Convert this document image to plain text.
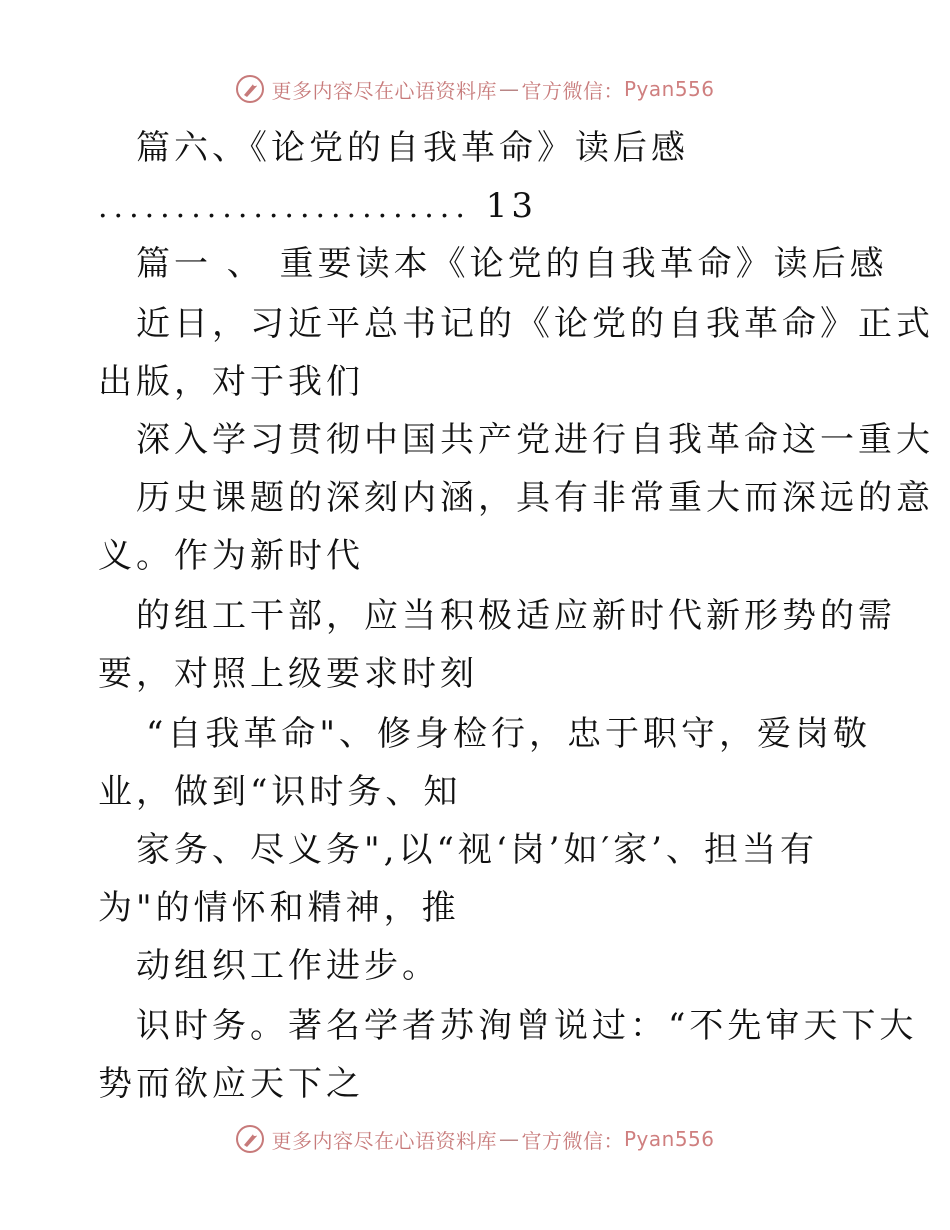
更多内容尽在心语资料库 — 官方微信： Pyan556
篇六、《论党的自我革命》读后感
........................ 13
篇一 、 重要读本《论党的自我革命》读后感
近日，习近平总书记的《论党的自我革命》正式
出版，对于我们
深入学习贯彻中国共产党进行自我革命这一重大
历史课题的深刻内涵，具有非常重大而深远的意
义。作为新时代
的组工干部，应当积极适应新时代新形势的需
要，对照上级要求时刻
“自我革命"、修身检行，忠于职守，爱岗敬
业，做到“识时务、知
家务、尽义务",以“视‘岗’如′家’、担当有
为"的情怀和精神，推
动组织工作进步。
识时务。著名学者苏洵曾说过：“不先审天下大
势而欲应天下之
更多内容尽在心语资料库 — 官方微信： Pyan556
